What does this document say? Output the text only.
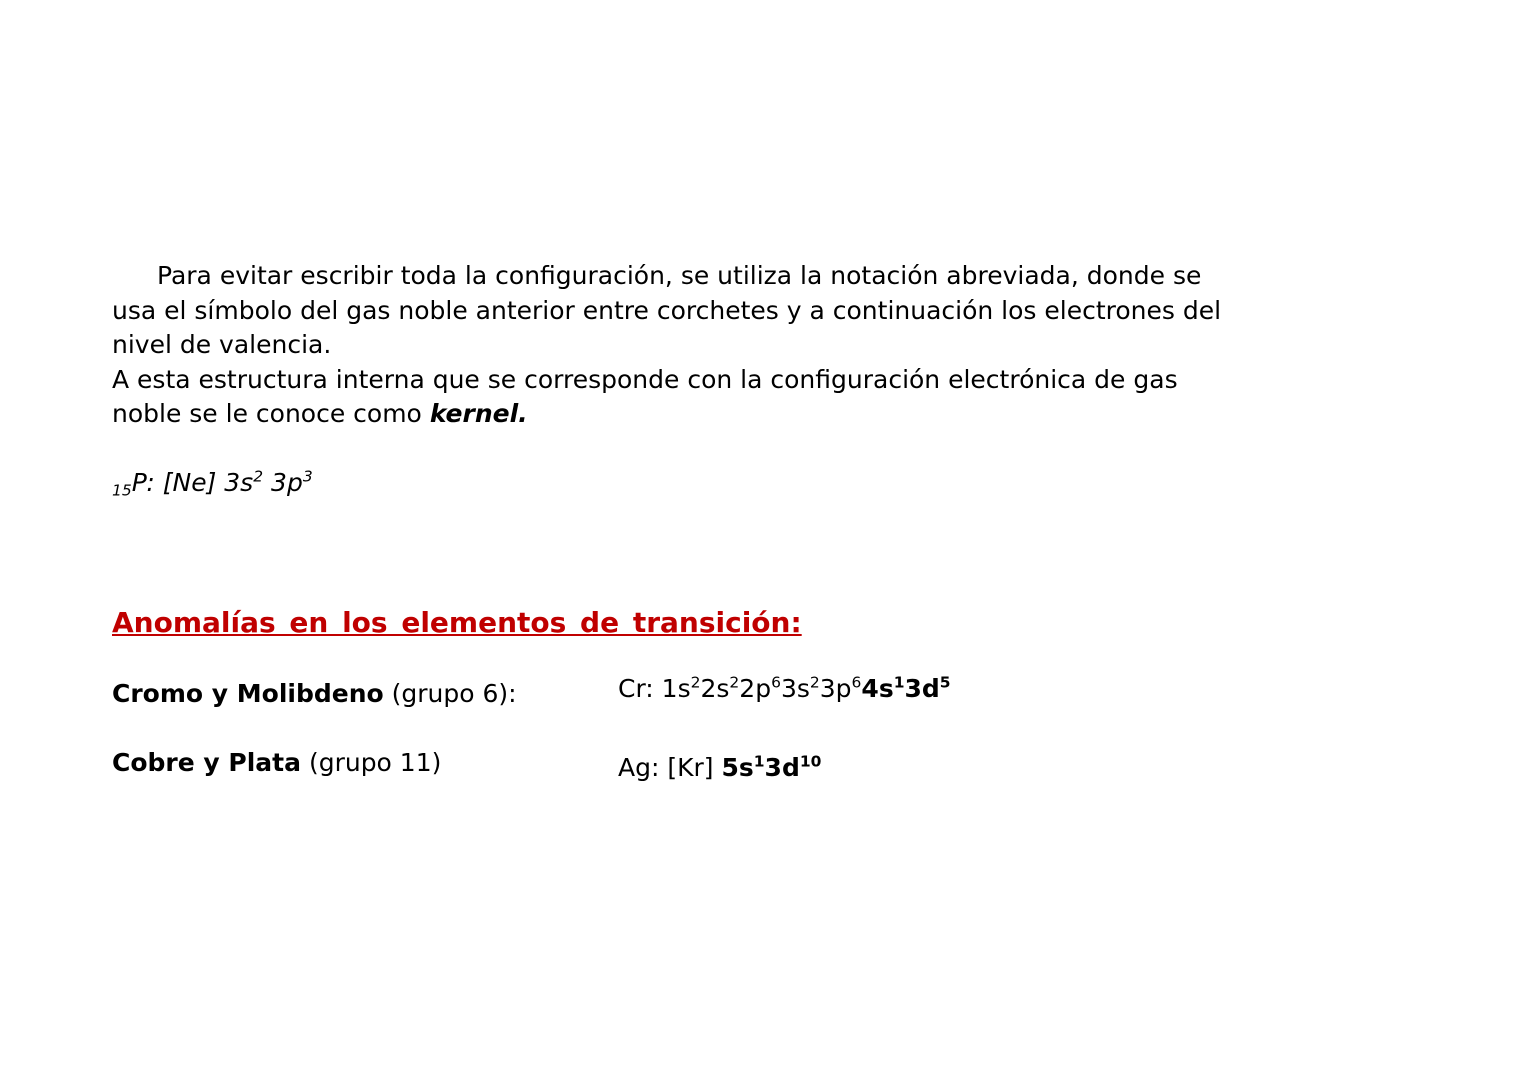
Para evitar escribir toda la configuración, se utiliza la notación abreviada, donde se
usa el símbolo del gas noble anterior entre corchetes y a continuación los electrones del
nivel de valencia.
A esta estructura interna que se corresponde con la configuración electrónica de gas
noble se le conoce como kernel.
$_{15}$P: [Ne] $3s^2$ $3p^3$
Anomalías en los elementos de transición:
Cromo y Molibdeno (grupo 6):	Cr: $1s^22s^22p^63s^23p^64s^13d^5$
Cobre y Plata (grupo 11)	Ag: [Kr] $5s^13d^{10}$
